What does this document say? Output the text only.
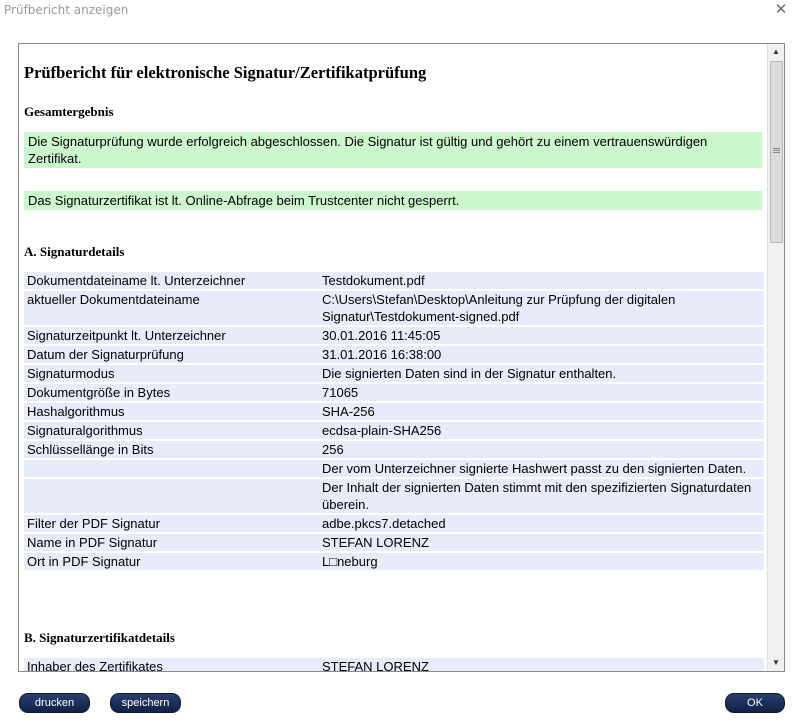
Prüfbericht anzeigen	✕
Prüfbericht für elektronische Signatur/Zertifikatprüfung
Gesamtergebnis
Die Signaturprüfung wurde erfolgreich abgeschlossen. Die Signatur ist gültig und gehört zu einem vertrauenswürdigen Zertifikat.
Das Signaturzertifikat ist lt. Online-Abfrage beim Trustcenter nicht gesperrt.
A. Signaturdetails
Dokumentdateiname lt. Unterzeichner	Testdokument.pdf
aktueller Dokumentdateiname	C:\Users\Stefan\Desktop\Anleitung zur Prüpfung der digitalen Signatur\Testdokument-signed.pdf
Signaturzeitpunkt lt. Unterzeichner	30.01.2016 11:45:05
Datum der Signaturprüfung	31.01.2016 16:38:00
Signaturmodus	Die signierten Daten sind in der Signatur enthalten.
Dokumentgröße in Bytes	71065
Hashalgorithmus	SHA-256
Signaturalgorithmus	ecdsa-plain-SHA256
Schlüssellänge in Bits	256
	Der vom Unterzeichner signierte Hashwert passt zu den signierten Daten.
	Der Inhalt der signierten Daten stimmt mit den spezifizierten Signaturdaten überein.
Filter der PDF Signatur	adbe.pkcs7.detached
Name in PDF Signatur	STEFAN LORENZ
Ort in PDF Signatur	L□neburg
B. Signaturzertifikatdetails
Inhaber des Zertifikates	STEFAN LORENZ
▲
▼
drucken	speichern	OK
